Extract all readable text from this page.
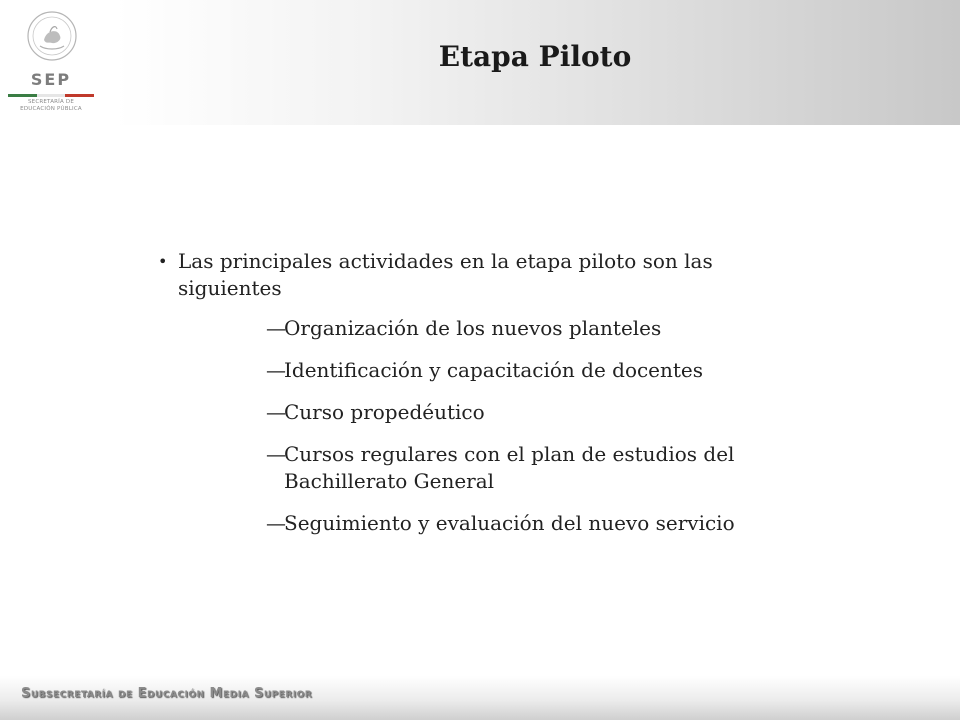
SEP
SECRETARÍA DE
EDUCACIÓN PÚBLICA
Etapa Piloto

• Las principales actividades en la etapa piloto son las siguientes

—
Organización de los nuevos planteles
—
Identificación y capacitación de docentes
—
Curso propedéutico
—
Cursos regulares con el plan de estudios del Bachillerato General
—
Seguimiento y evaluación del nuevo servicio
Subsecretaría de Educación Media Superior
